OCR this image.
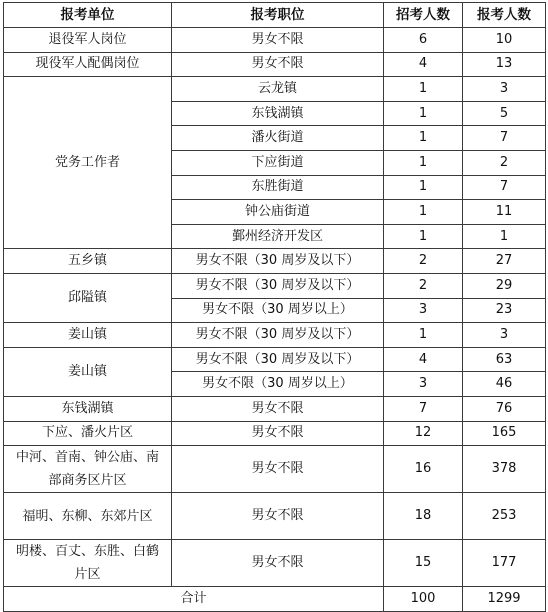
报考单位	报考职位	招考人数	报考人数
退役军人岗位	男女不限	6	10
现役军人配偶岗位	男女不限	4	13
党务工作者	云龙镇	1	3
	东钱湖镇	1	5
	潘火街道	1	7
	下应街道	1	2
	东胜街道	1	7
	钟公庙街道	1	11
	鄞州经济开发区	1	1
五乡镇	男女不限（30 周岁及以下）	2	27
邱隘镇	男女不限（30 周岁及以下）	2	29
	男女不限（30 周岁以上）	3	23
姜山镇	男女不限（30 周岁及以下）	1	3
姜山镇	男女不限（30 周岁及以下）	4	63
	男女不限（30 周岁以上）	3	46
东钱湖镇	男女不限	7	76
下应、潘火片区	男女不限	12	165
中河、首南、钟公庙、南部商务区片区	男女不限	16	378
福明、东柳、东郊片区	男女不限	18	253
明楼、百丈、东胜、白鹤片区	男女不限	15	177
合计		100	1299
